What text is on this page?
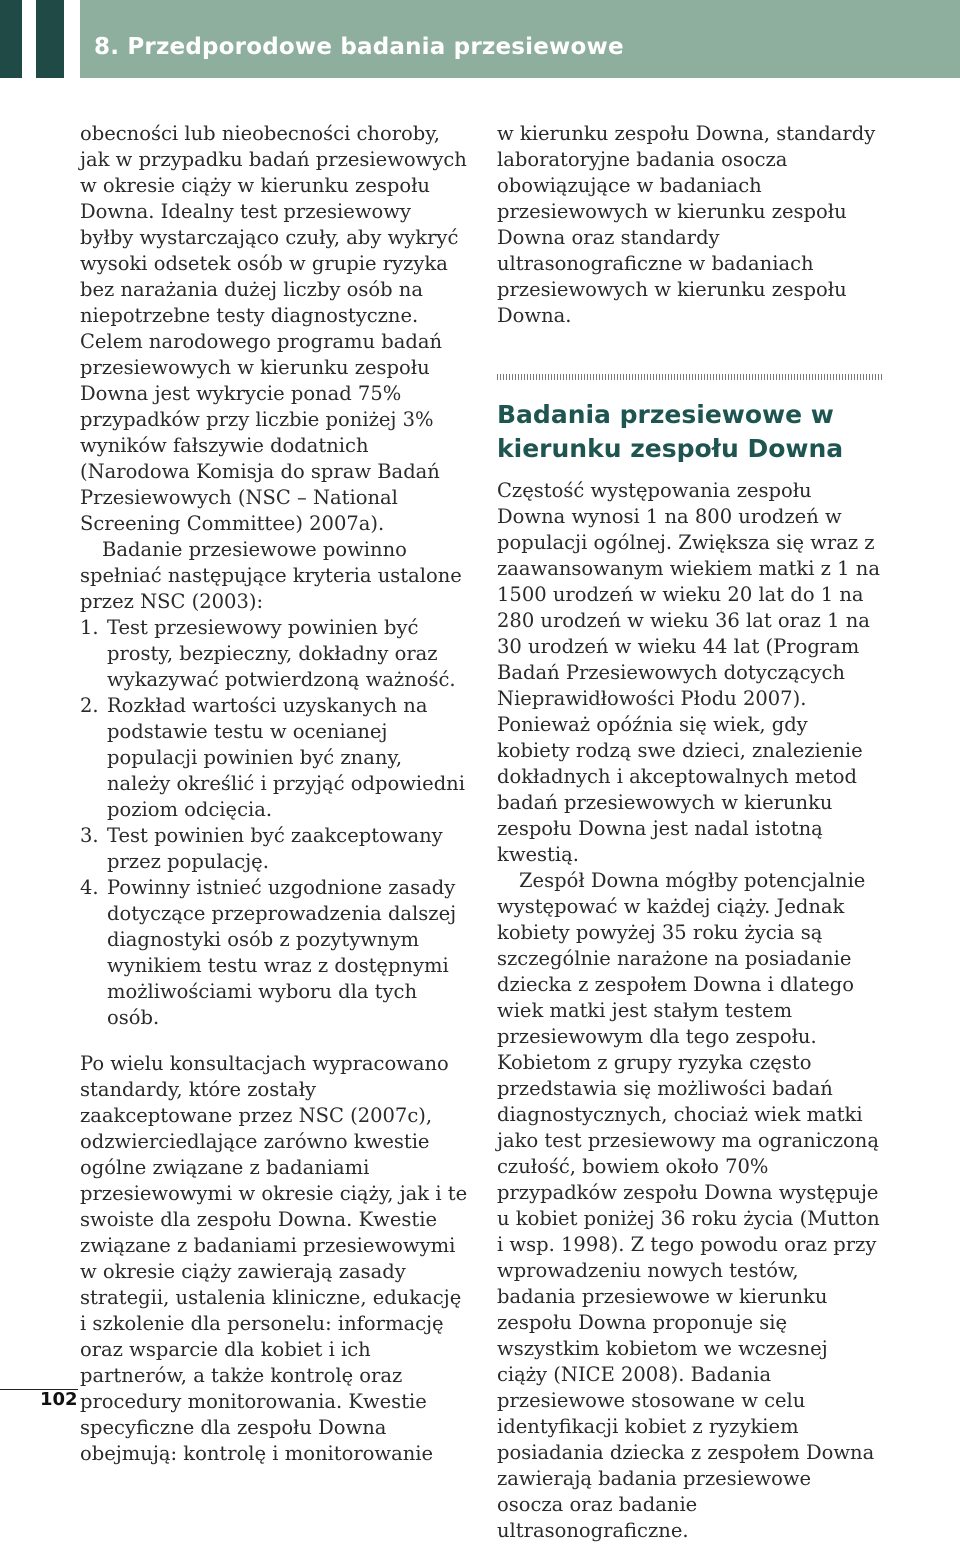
8. Przedporodowe badania przesiewowe

obecności lub nieobecności choroby, jak w przypadku badań przesiewowych w okresie ciąży w kierunku zespołu Downa. Idealny test przesiewowy byłby wystarczająco czuły, aby wykryć wysoki odsetek osób w grupie ryzyka bez narażania dużej liczby osób na niepotrzebne testy diagnostyczne. Celem narodowego programu badań przesiewowych w kierunku zespołu Downa jest wykrycie ponad 75% przypadków przy liczbie poniżej 3% wyników fałszywie dodatnich (Narodowa Komisja do spraw Badań Przesiewowych (NSC – National Screening Committee) 2007a).

Badanie przesiewowe powinno spełniać następujące kryteria ustalone przez NSC (2003):

1. Test przesiewowy powinien być prosty, bezpieczny, dokładny oraz wykazywać potwierdzoną ważność.
2. Rozkład wartości uzyskanych na podstawie testu w ocenianej populacji powinien być znany, należy określić i przyjąć odpowiedni poziom odcięcia.
3. Test powinien być zaakceptowany przez populację.
4. Powinny istnieć uzgodnione zasady dotyczące przeprowadzenia dalszej diagnostyki osób z pozytywnym wynikiem testu wraz z dostępnymi możliwościami wyboru dla tych osób.

Po wielu konsultacjach wypracowano standardy, które zostały zaakceptowane przez NSC (2007c), odzwierciedlające zarówno kwestie ogólne związane z badaniami przesiewowymi w okresie ciąży, jak i te swoiste dla zespołu Downa. Kwestie związane z badaniami przesiewowymi w okresie ciąży zawierają zasady strategii, ustalenia kliniczne, edukację i szkolenie dla personelu: informację oraz wsparcie dla kobiet i ich partnerów, a także kontrolę oraz procedury monitorowania. Kwestie specyficzne dla zespołu Downa obejmują: kontrolę i monitorowanie

w kierunku zespołu Downa, standardy laboratoryjne badania osocza obowiązujące w badaniach przesiewowych w kierunku zespołu Downa oraz standardy ultrasonograficzne w badaniach przesiewowych w kierunku zespołu Downa.

Badania przesiewowe w kierunku zespołu Downa

Częstość występowania zespołu Downa wynosi 1 na 800 urodzeń w populacji ogólnej. Zwiększa się wraz z zaawansowanym wiekiem matki z 1 na 1500 urodzeń w wieku 20 lat do 1 na 280 urodzeń w wieku 36 lat oraz 1 na 30 urodzeń w wieku 44 lat (Program Badań Przesiewowych dotyczących Nieprawidłowości Płodu 2007). Ponieważ opóźnia się wiek, gdy kobiety rodzą swe dzieci, znalezienie dokładnych i akceptowalnych metod badań przesiewowych w kierunku zespołu Downa jest nadal istotną kwestią.

Zespół Downa mógłby potencjalnie występować w każdej ciąży. Jednak kobiety powyżej 35 roku życia są szczególnie narażone na posiadanie dziecka z zespołem Downa i dlatego wiek matki jest stałym testem przesiewowym dla tego zespołu. Kobietom z grupy ryzyka często przedstawia się możliwości badań diagnostycznych, chociaż wiek matki jako test przesiewowy ma ograniczoną czułość, bowiem około 70% przypadków zespołu Downa występuje u kobiet poniżej 36 roku życia (Mutton i wsp. 1998). Z tego powodu oraz przy wprowadzeniu nowych testów, badania przesiewowe w kierunku zespołu Downa proponuje się wszystkim kobietom we wczesnej ciąży (NICE 2008). Badania przesiewowe stosowane w celu identyfikacji kobiet z ryzykiem posiadania dziecka z zespołem Downa zawierają badania przesiewowe osocza oraz badanie ultrasonograficzne.

102
